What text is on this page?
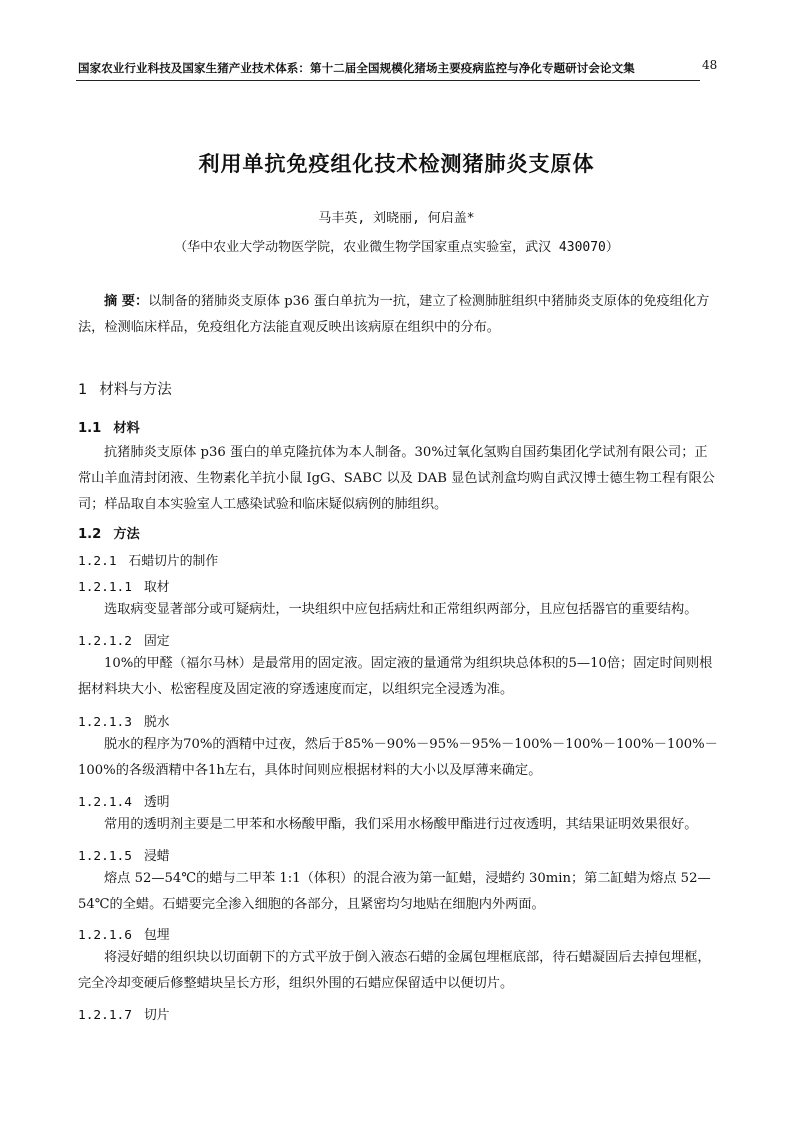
国家农业行业科技及国家生猪产业技术体系：第十二届全国规模化猪场主要疫病监控与净化专题研讨会论文集	48
利用单抗免疫组化技术检测猪肺炎支原体
马丰英, 刘晓丽, 何启盖*
（华中农业大学动物医学院，农业微生物学国家重点实验室，武汉 430070）
摘 要：以制备的猪肺炎支原体 p36 蛋白单抗为一抗，建立了检测肺脏组织中猪肺炎支原体的免疫组化方法，检测临床样品，免疫组化方法能直观反映出该病原在组织中的分布。
1 材料与方法
1.1 材料
抗猪肺炎支原体 p36 蛋白的单克隆抗体为本人制备。30%过氧化氢购自国药集团化学试剂有限公司；正常山羊血清封闭液、生物素化羊抗小鼠 IgG、SABC 以及 DAB 显色试剂盒均购自武汉博士德生物工程有限公司；样品取自本实验室人工感染试验和临床疑似病例的肺组织。
1.2 方法
1.2.1 石蜡切片的制作
1.2.1.1 取材
选取病变显著部分或可疑病灶，一块组织中应包括病灶和正常组织两部分，且应包括器官的重要结构。
1.2.1.2 固定
10%的甲醛（福尔马林）是最常用的固定液。固定液的量通常为组织块总体积的5—10倍；固定时间则根据材料块大小、松密程度及固定液的穿透速度而定，以组织完全浸透为准。
1.2.1.3 脱水
脱水的程序为70%的酒精中过夜，然后于85%－90%－95%－95%－100%－100%－100%－100%－100%的各级酒精中各1h左右，具体时间则应根据材料的大小以及厚薄来确定。
1.2.1.4 透明
常用的透明剂主要是二甲苯和水杨酸甲酯，我们采用水杨酸甲酯进行过夜透明，其结果证明效果很好。
1.2.1.5 浸蜡
熔点 52—54℃的蜡与二甲苯 1:1（体积）的混合液为第一缸蜡，浸蜡约 30min；第二缸蜡为熔点 52—54℃的全蜡。石蜡要完全渗入细胞的各部分，且紧密均匀地贴在细胞内外两面。
1.2.1.6 包埋
将浸好蜡的组织块以切面朝下的方式平放于倒入液态石蜡的金属包埋框底部，待石蜡凝固后去掉包埋框，完全冷却变硬后修整蜡块呈长方形，组织外围的石蜡应保留适中以便切片。
1.2.1.7 切片
